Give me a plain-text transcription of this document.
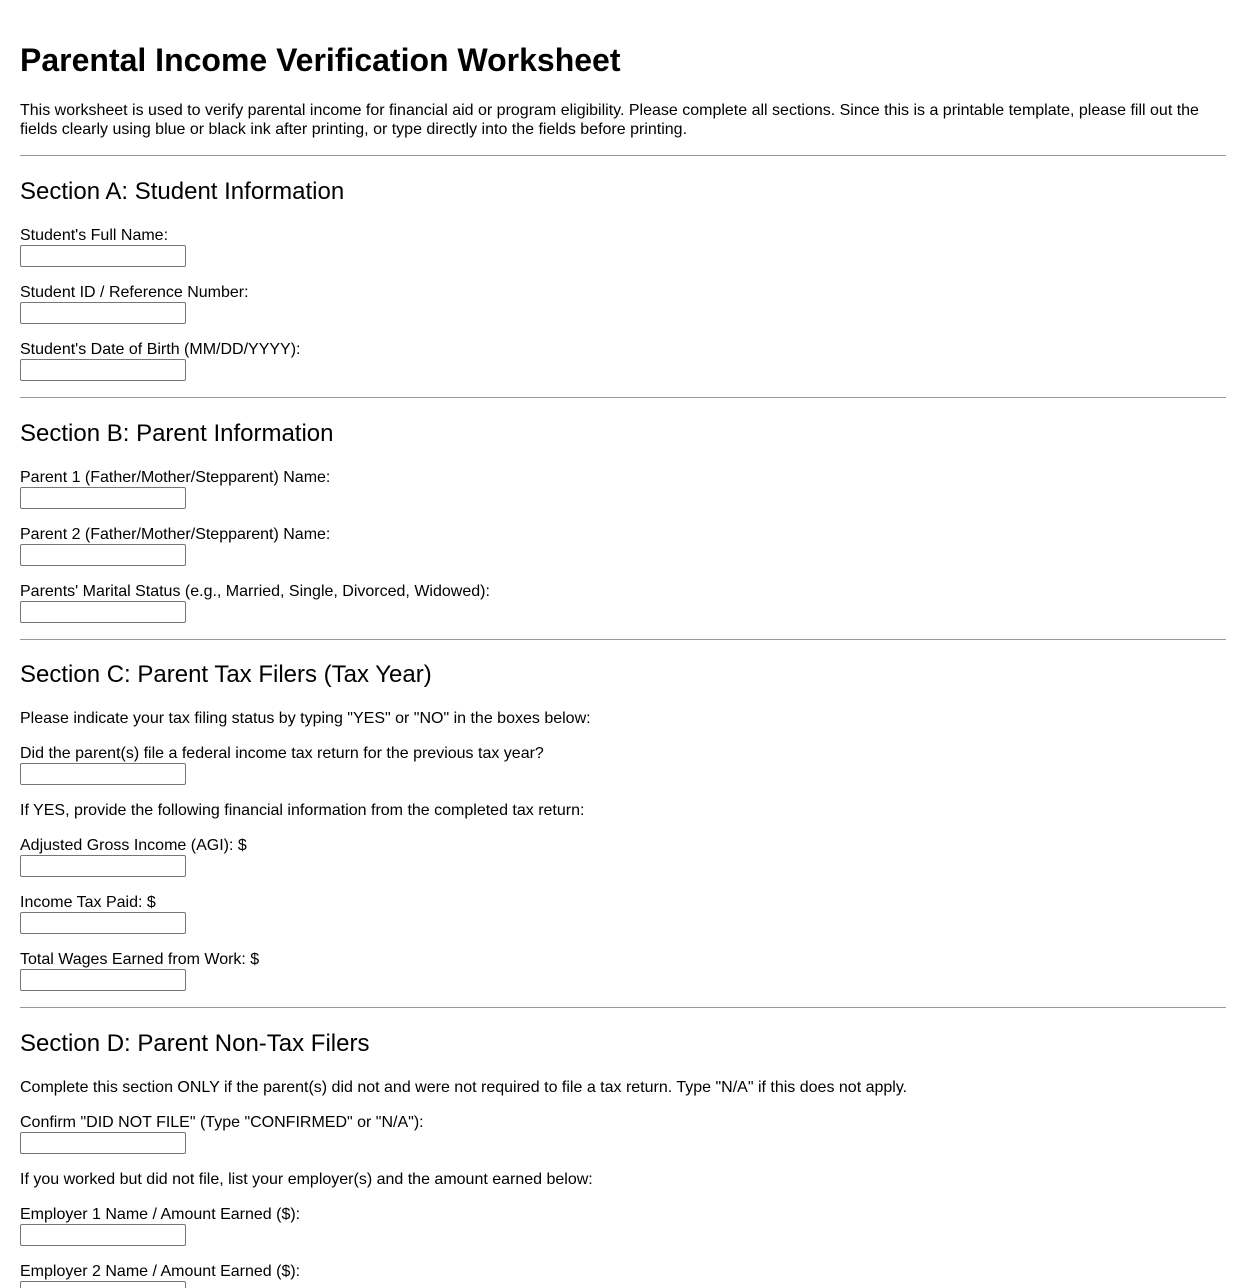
Parental Income Verification Worksheet

This worksheet is used to verify parental income for financial aid or program eligibility. Please complete all sections. Since this is a printable template, please fill out the fields clearly using blue or black ink after printing, or type directly into the fields before printing.

Section A: Student Information
Student's Full Name:
Student ID / Reference Number:
Student's Date of Birth (MM/DD/YYYY):
Section B: Parent Information
Parent 1 (Father/Mother/Stepparent) Name:
Parent 2 (Father/Mother/Stepparent) Name:
Parents' Marital Status (e.g., Married, Single, Divorced, Widowed):
Section C: Parent Tax Filers (Tax Year)
Please indicate your tax filing status by typing "YES" or "NO" in the boxes below:
Did the parent(s) file a federal income tax return for the previous tax year?
If YES, provide the following financial information from the completed tax return:
Adjusted Gross Income (AGI): $
Income Tax Paid: $
Total Wages Earned from Work: $
Section D: Parent Non-Tax Filers
Complete this section ONLY if the parent(s) did not and were not required to file a tax return. Type "N/A" if this does not apply.
Confirm "DID NOT FILE" (Type "CONFIRMED" or "N/A"):
If you worked but did not file, list your employer(s) and the amount earned below:
Employer 1 Name / Amount Earned ($):
Employer 2 Name / Amount Earned ($):
